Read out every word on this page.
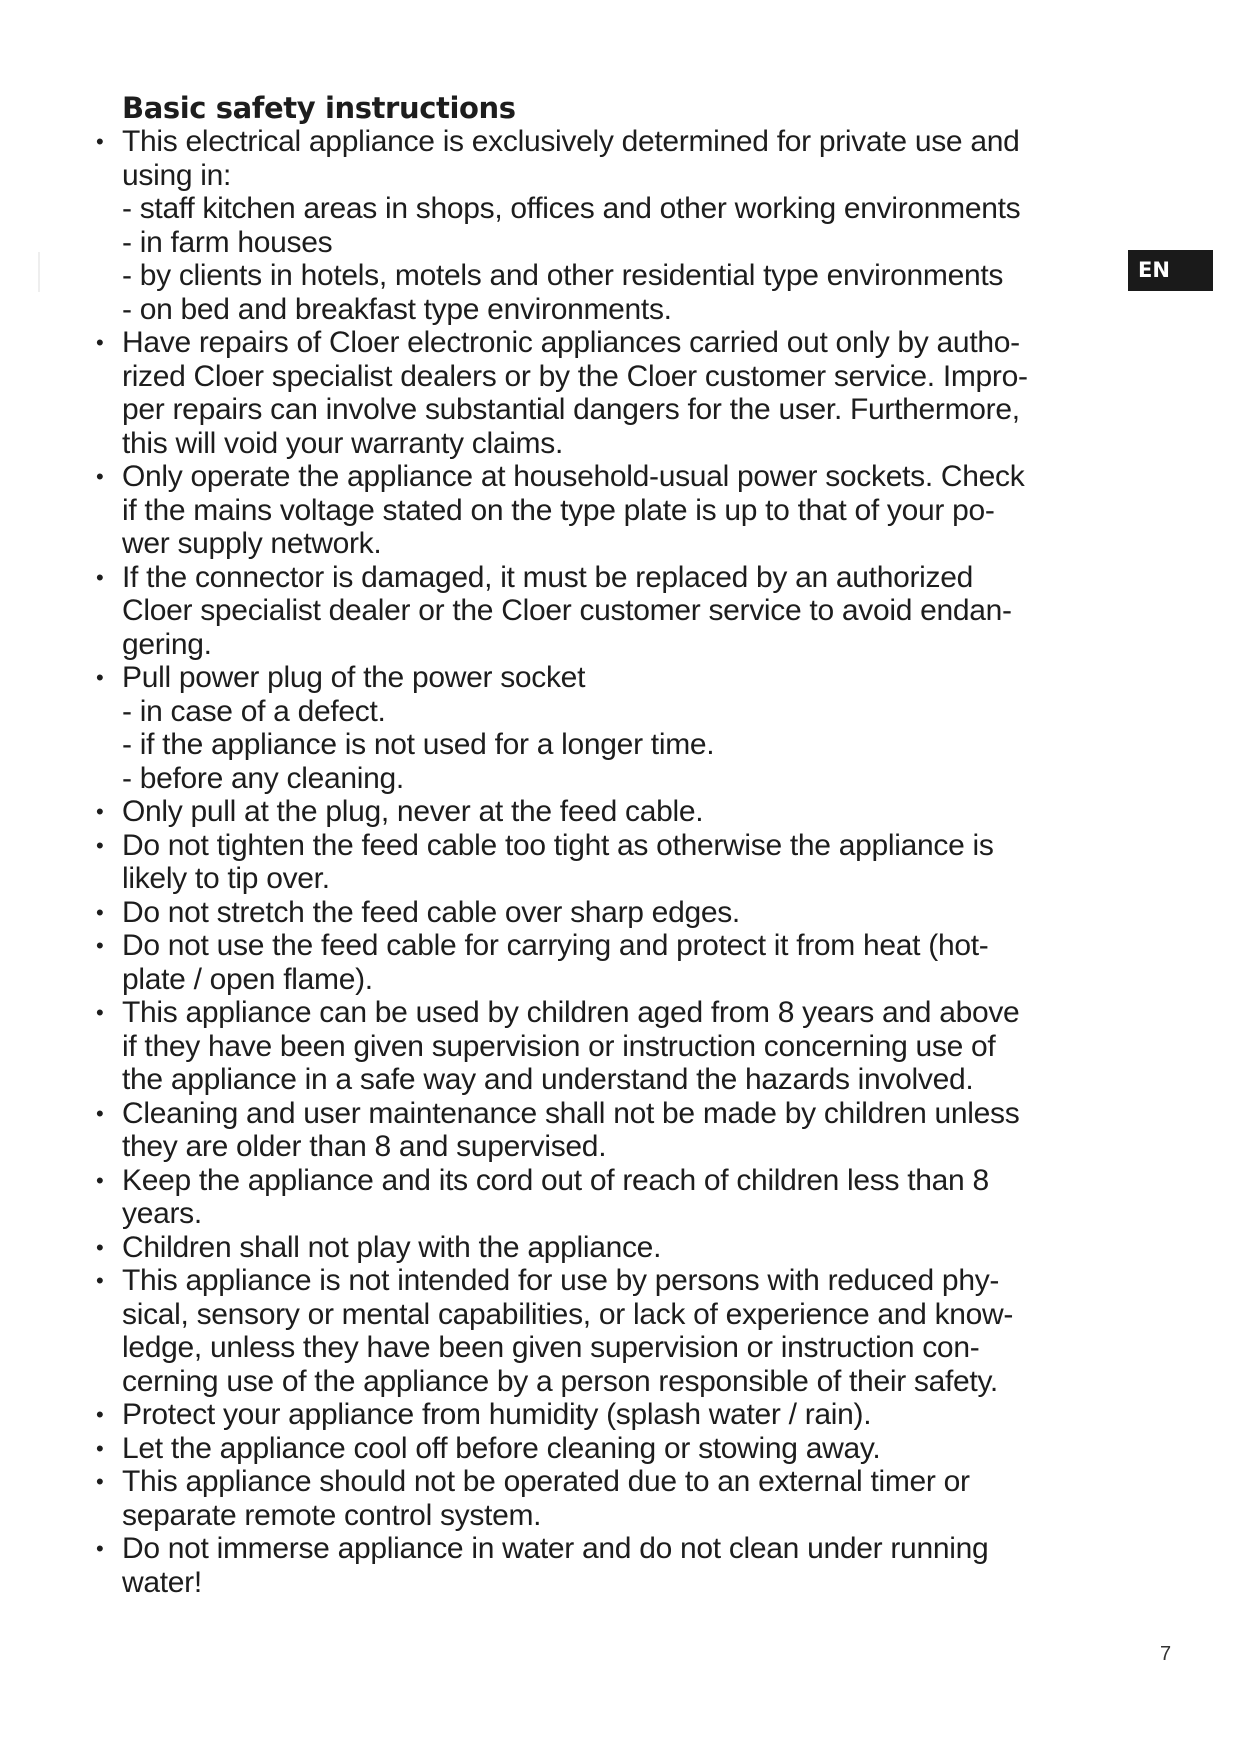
Basic safety instructions
• This electrical appliance is exclusively determined for private use and
using in:
- staff kitchen areas in shops, offices and other working environments
- in farm houses
- by clients in hotels, motels and other residential type environments
- on bed and breakfast type environments.
• Have repairs of Cloer electronic appliances carried out only by autho-
rized Cloer specialist dealers or by the Cloer customer service. Impro-
per repairs can involve substantial dangers for the user. Furthermore,
this will void your warranty claims.
• Only operate the appliance at household-usual power sockets. Check
if the mains voltage stated on the type plate is up to that of your po-
wer supply network.
• If the connector is damaged, it must be replaced by an authorized
Cloer specialist dealer or the Cloer customer service to avoid endan-
gering.
• Pull power plug of the power socket
- in case of a defect.
- if the appliance is not used for a longer time.
- before any cleaning.
• Only pull at the plug, never at the feed cable.
• Do not tighten the feed cable too tight as otherwise the appliance is
likely to tip over.
• Do not stretch the feed cable over sharp edges.
• Do not use the feed cable for carrying and protect it from heat (hot-
plate / open flame).
• This appliance can be used by children aged from 8 years and above
if they have been given supervision or instruction concerning use of
the appliance in a safe way and understand the hazards involved.
• Cleaning and user maintenance shall not be made by children unless
they are older than 8 and supervised.
• Keep the appliance and its cord out of reach of children less than 8
years.
• Children shall not play with the appliance.
• This appliance is not intended for use by persons with reduced phy-
sical, sensory or mental capabilities, or lack of experience and know-
ledge, unless they have been given supervision or instruction con-
cerning use of the appliance by a person responsible of their safety.
• Protect your appliance from humidity (splash water / rain).
• Let the appliance cool off before cleaning or stowing away.
• This appliance should not be operated due to an external timer or
separate remote control system.
• Do not immerse appliance in water and do not clean under running
water!
EN
7
